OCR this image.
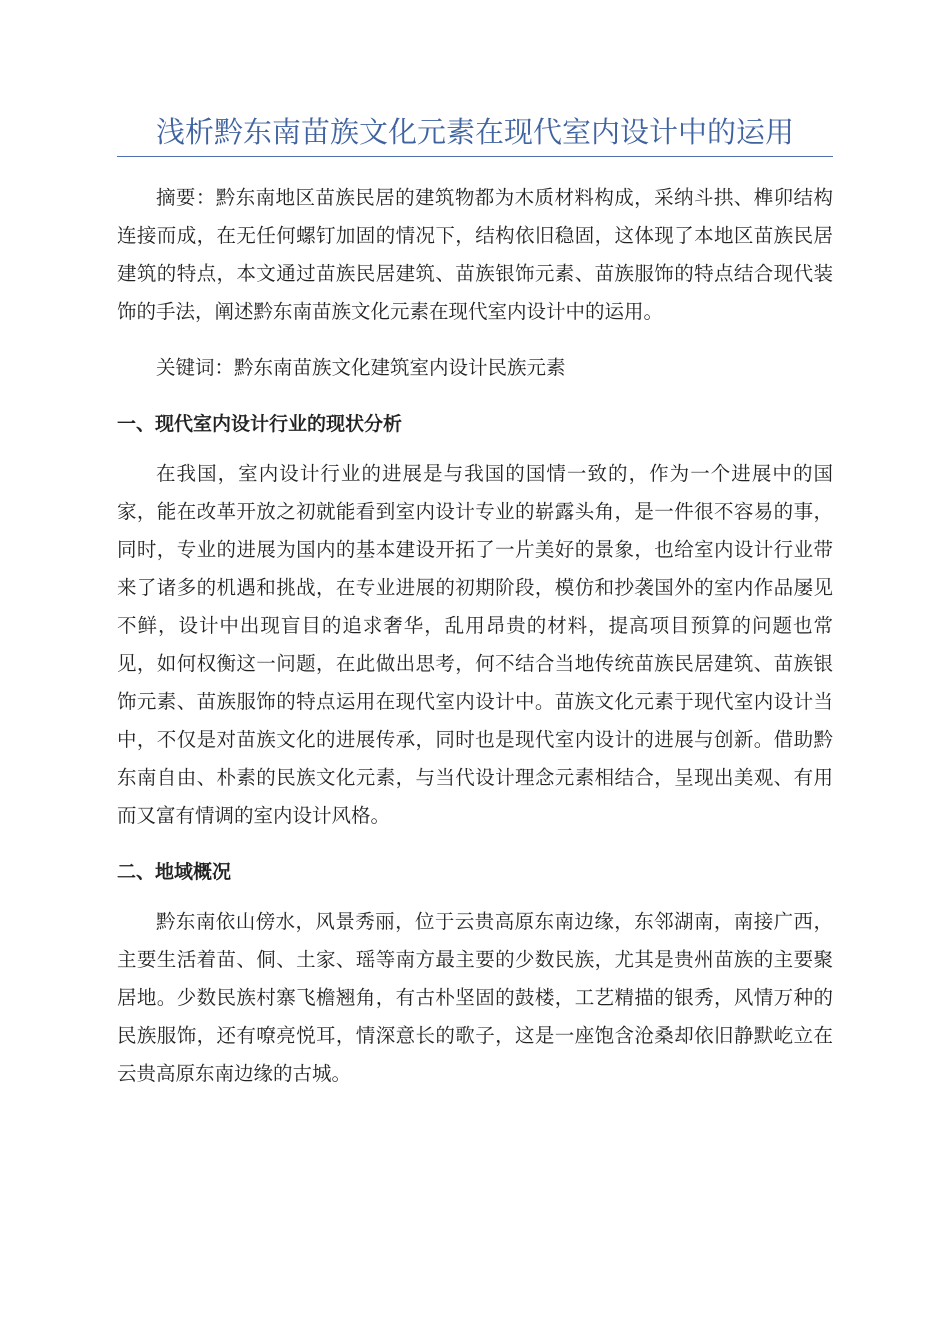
浅析黔东南苗族文化元素在现代室内设计中的运用

摘要：黔东南地区苗族民居的建筑物都为木质材料构成，采纳斗拱、榫卯结构连接而成，在无任何螺钉加固的情况下，结构依旧稳固，这体现了本地区苗族民居建筑的特点，本文通过苗族民居建筑、苗族银饰元素、苗族服饰的特点结合现代装饰的手法，阐述黔东南苗族文化元素在现代室内设计中的运用。

关键词：黔东南苗族文化建筑室内设计民族元素

一、现代室内设计行业的现状分析

在我国，室内设计行业的进展是与我国的国情一致的，作为一个进展中的国家，能在改革开放之初就能看到室内设计专业的崭露头角，是一件很不容易的事，同时，专业的进展为国内的基本建设开拓了一片美好的景象，也给室内设计行业带来了诸多的机遇和挑战，在专业进展的初期阶段，模仿和抄袭国外的室内作品屡见不鲜，设计中出现盲目的追求奢华，乱用昂贵的材料，提高项目预算的问题也常见，如何权衡这一问题，在此做出思考，何不结合当地传统苗族民居建筑、苗族银饰元素、苗族服饰的特点运用在现代室内设计中。苗族文化元素于现代室内设计当中，不仅是对苗族文化的进展传承，同时也是现代室内设计的进展与创新。借助黔东南自由、朴素的民族文化元素，与当代设计理念元素相结合，呈现出美观、有用而又富有情调的室内设计风格。

二、地域概况

黔东南依山傍水，风景秀丽，位于云贵高原东南边缘，东邻湖南，南接广西，主要生活着苗、侗、土家、瑶等南方最主要的少数民族，尤其是贵州苗族的主要聚居地。少数民族村寨飞檐翘角，有古朴坚固的鼓楼，工艺精描的银秀，风情万种的民族服饰，还有嘹亮悦耳，情深意长的歌子，这是一座饱含沧桑却依旧静默屹立在云贵高原东南边缘的古城。
